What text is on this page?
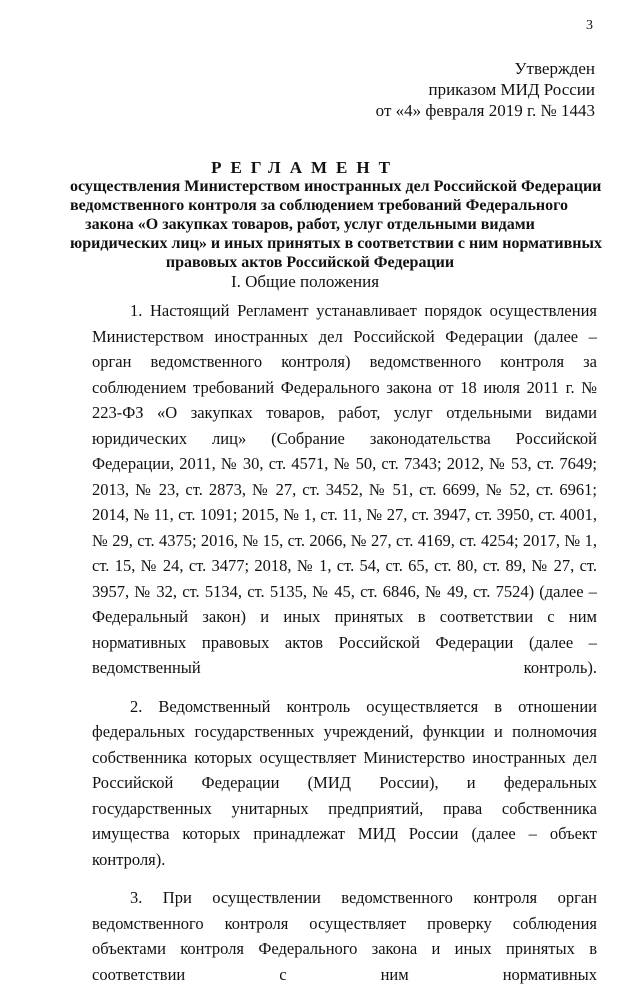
3
Утвержден
приказом МИД России
от «4» февраля 2019 г. № 1443
РЕГЛАМЕНТ
осуществления Министерством иностранных дел Российской Федерации
ведомственного контроля за соблюдением требований Федерального
закона «О закупках товаров, работ, услуг отдельными видами
юридических лиц» и иных принятых в соответствии с ним нормативных
правовых актов Российской Федерации
I. Общие положения

1. Настоящий Регламент устанавливает порядок осуществления Министерством иностранных дел Российской Федерации (далее – орган ведомственного контроля) ведомственного контроля за соблюдением требований Федерального закона от 18 июля 2011 г. № 223-ФЗ «О закупках товаров, работ, услуг отдельными видами юридических лиц» (Собрание законодательства Российской Федерации, 2011, № 30, ст. 4571, № 50, ст. 7343; 2012, № 53, ст. 7649; 2013, № 23, ст. 2873, № 27, ст. 3452, № 51, ст. 6699, № 52, ст. 6961; 2014, № 11, ст. 1091; 2015, № 1, ст. 11, № 27, ст. 3947, ст. 3950, ст. 4001, № 29, ст. 4375; 2016, № 15, ст. 2066, № 27, ст. 4169, ст. 4254; 2017, № 1, ст. 15, № 24, ст. 3477; 2018, № 1, ст. 54, ст. 65, ст. 80, ст. 89, № 27, ст. 3957, № 32, ст. 5134, ст. 5135, № 45, ст. 6846, № 49, ст. 7524) (далее – Федеральный закон) и иных принятых в соответствии с ним нормативных правовых актов Российской Федерации (далее – ведомственный контроль).

2. Ведомственный контроль осуществляется в отношении федеральных государственных учреждений, функции и полномочия собственника которых осуществляет Министерство иностранных дел Российской Федерации (МИД России), и федеральных государственных унитарных предприятий, права собственника имущества которых принадлежат МИД России (далее – объект контроля).

3. При осуществлении ведомственного контроля орган ведомственного контроля осуществляет проверку соблюдения объектами контроля Федерального закона и иных принятых в соответствии с ним нормативных
